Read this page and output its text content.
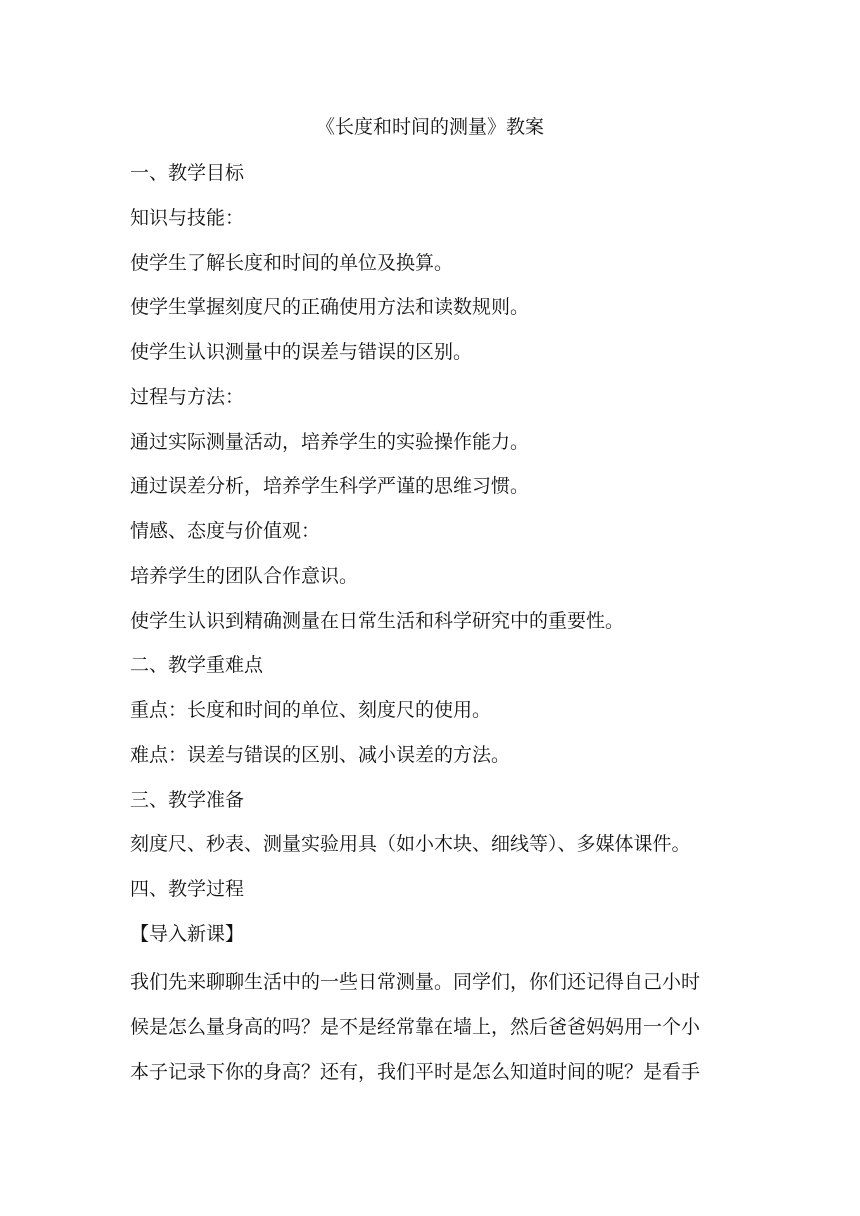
《长度和时间的测量》教案
一、教学目标
知识与技能：
使学生了解长度和时间的单位及换算。
使学生掌握刻度尺的正确使用方法和读数规则。
使学生认识测量中的误差与错误的区别。
过程与方法：
通过实际测量活动，培养学生的实验操作能力。
通过误差分析，培养学生科学严谨的思维习惯。
情感、态度与价值观：
培养学生的团队合作意识。
使学生认识到精确测量在日常生活和科学研究中的重要性。
二、教学重难点
重点：长度和时间的单位、刻度尺的使用。
难点：误差与错误的区别、减小误差的方法。
三、教学准备
刻度尺、秒表、测量实验用具（如小木块、细线等）、多媒体课件。
四、教学过程
【导入新课】
我们先来聊聊生活中的一些日常测量。同学们，你们还记得自己小时
候是怎么量身高的吗？是不是经常靠在墙上，然后爸爸妈妈用一个小
本子记录下你的身高？还有，我们平时是怎么知道时间的呢？是看手
